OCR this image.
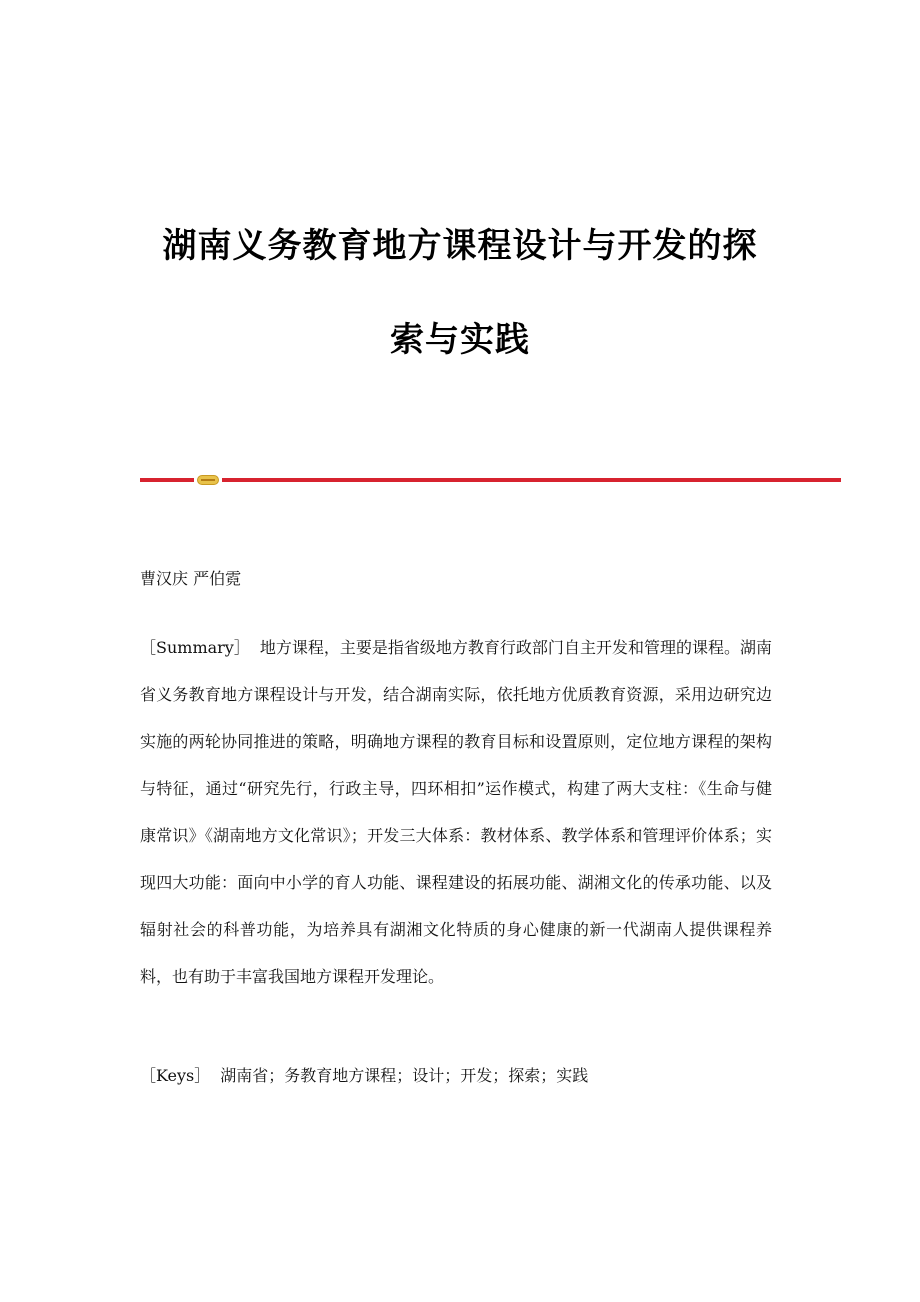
湖南义务教育地方课程设计与开发的探
索与实践

曹汉庆 严伯霓

［Summary］ 地方课程，主要是指省级地方教育行政部门自主开发和管理的课程。湖南省义务教育地方课程设计与开发，结合湖南实际，依托地方优质教育资源，采用边研究边实施的两轮协同推进的策略，明确地方课程的教育目标和设置原则，定位地方课程的架构与特征，通过“研究先行，行政主导，四环相扣”运作模式，构建了两大支柱：《生命与健康常识》《湖南地方文化常识》；开发三大体系：教材体系、教学体系和管理评价体系；实现四大功能：面向中小学的育人功能、课程建设的拓展功能、湖湘文化的传承功能、以及辐射社会的科普功能，为培养具有湖湘文化特质的身心健康的新一代湖南人提供课程养料，也有助于丰富我国地方课程开发理论。

［Keys］ 湖南省；务教育地方课程；设计；开发；探索；实践
